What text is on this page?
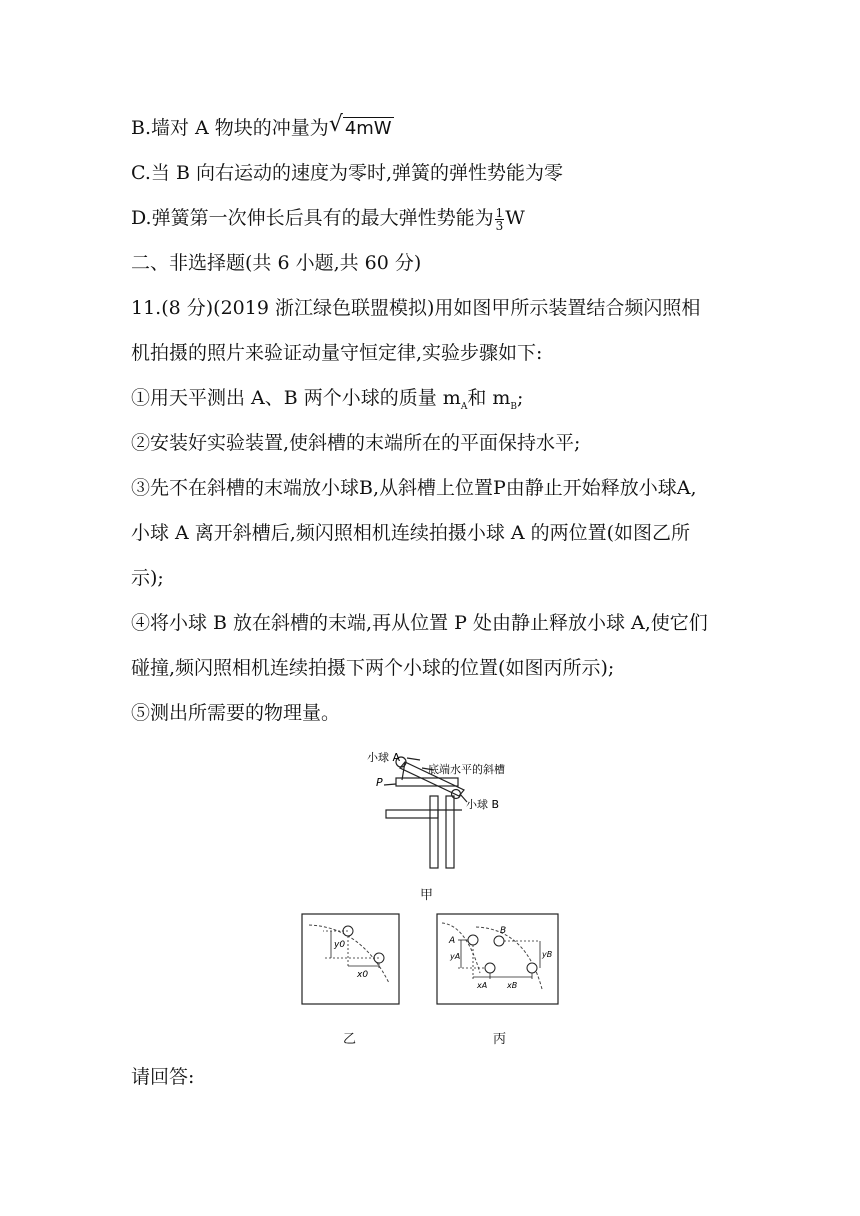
B.墙对 A 物块的冲量为 √ 4mW
C.当 B 向右运动的速度为零时,弹簧的弹性势能为零
D.弹簧第一次伸长后具有的最大弹性势能为 $\frac{1}{3}$ W
二、非选择题(共 6 小题,共 60 分)
11.(8 分)(2019 浙江绿色联盟模拟)用如图甲所示装置结合频闪照相
机拍摄的照片来验证动量守恒定律,实验步骤如下:
①用天平测出 A、B 两个小球的质量 $m_A$和 $m_B$;
②安装好实验装置,使斜槽的末端所在的平面保持水平;
③先不在斜槽的末端放小球B,从斜槽上位置P由静止开始释放小球A,
小球 A 离开斜槽后,频闪照相机连续拍摄小球 A 的两位置(如图乙所
示);
④将小球 B 放在斜槽的末端,再从位置 P 处由静止释放小球 A,使它们
碰撞,频闪照相机连续拍摄下两个小球的位置(如图丙所示);
⑤测出所需要的物理量。
小球 A
底端水平的斜槽
P
小球 B
甲
y0
x0
乙
A
B
yA	yB
xA xB
丙
请回答:
